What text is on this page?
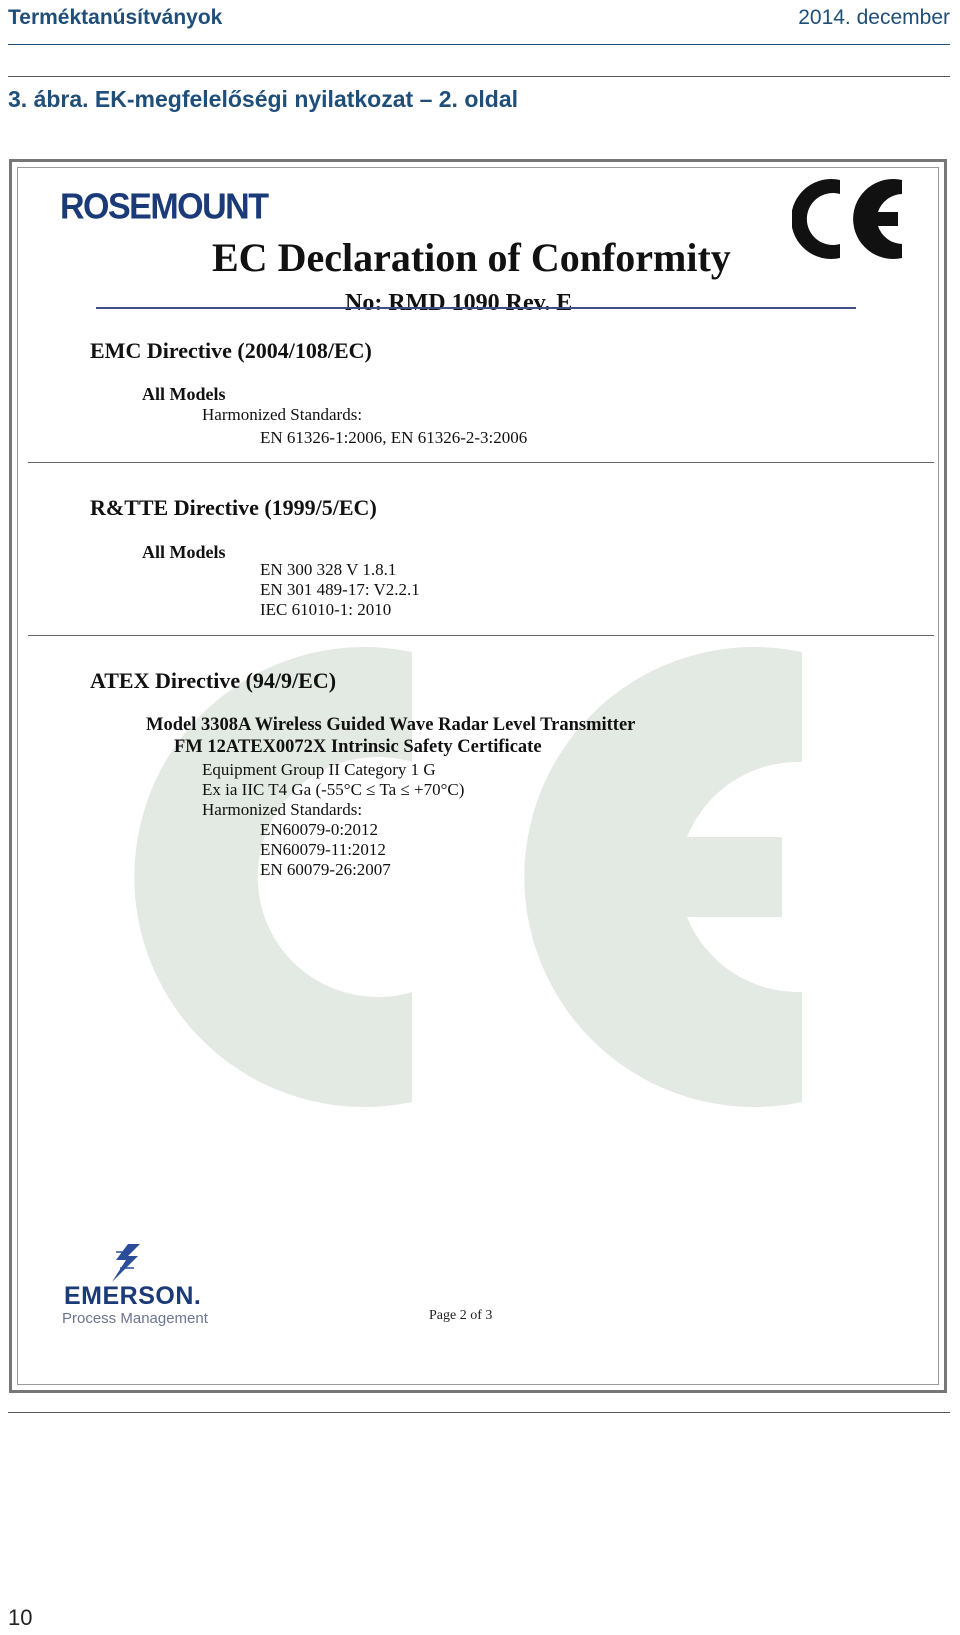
Terméktanúsítványok	2014. december
3. ábra. EK-megfelelőségi nyilatkozat – 2. oldal
ROSEMOUNT
EC Declaration of Conformity
No: RMD 1090 Rev. E
EMC Directive (2004/108/EC)
All Models
Harmonized Standards:
EN 61326-1:2006, EN 61326-2-3:2006
R&TTE Directive (1999/5/EC)
All Models
EN 300 328 V 1.8.1
EN 301 489-17: V2.2.1
IEC 61010-1: 2010
ATEX Directive (94/9/EC)
Model 3308A Wireless Guided Wave Radar Level Transmitter
FM 12ATEX0072X Intrinsic Safety Certificate
Equipment Group II Category 1 G
Ex ia IIC T4 Ga (-55°C ≤ Ta ≤ +70°C)
Harmonized Standards:
EN60079-0:2012
EN60079-11:2012
EN 60079-26:2007
EMERSON.
Process Management	Page 2 of 3
10
